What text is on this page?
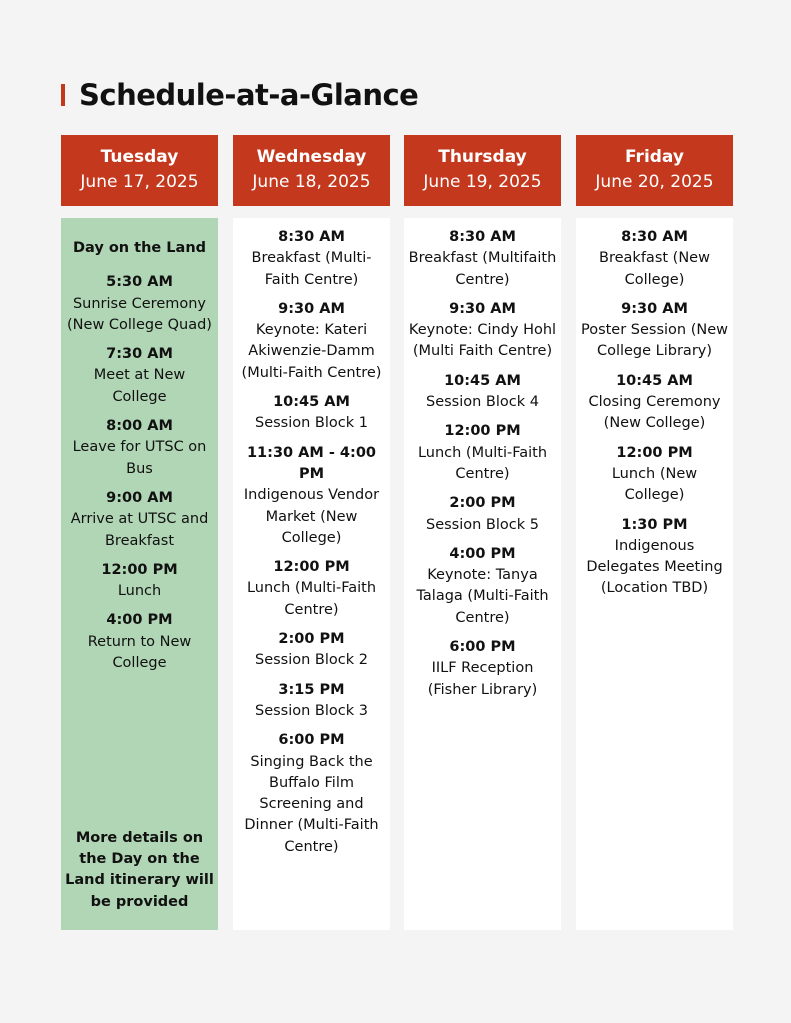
Schedule-at-a-Glance
Tuesday
June 17, 2025
Day on the Land
5:30 AM
Sunrise Ceremony (New College Quad)
7:30 AM
Meet at New College
8:00 AM
Leave for UTSC on Bus
9:00 AM
Arrive at UTSC and Breakfast
12:00 PM
Lunch
4:00 PM
Return to New College
More details on the Day on the Land itinerary will be provided
Wednesday
June 18, 2025
8:30 AM
Breakfast (Multi-Faith Centre)
9:30 AM
Keynote: Kateri Akiwenzie-Damm (Multi-Faith Centre)
10:45 AM
Session Block 1
11:30 AM - 4:00 PM
Indigenous Vendor Market (New College)
12:00 PM
Lunch (Multi-Faith Centre)
2:00 PM
Session Block 2
3:15 PM
Session Block 3
6:00 PM
Singing Back the Buffalo Film Screening and Dinner (Multi-Faith Centre)
Thursday
June 19, 2025
8:30 AM
Breakfast (Multifaith Centre)
9:30 AM
Keynote: Cindy Hohl (Multi Faith Centre)
10:45 AM
Session Block 4
12:00 PM
Lunch (Multi-Faith Centre)
2:00 PM
Session Block 5
4:00 PM
Keynote: Tanya Talaga (Multi-Faith Centre)
6:00 PM
IILF Reception (Fisher Library)
Friday
June 20, 2025
8:30 AM
Breakfast (New College)
9:30 AM
Poster Session (New College Library)
10:45 AM
Closing Ceremony (New College)
12:00 PM
Lunch (New College)
1:30 PM
Indigenous Delegates Meeting (Location TBD)
